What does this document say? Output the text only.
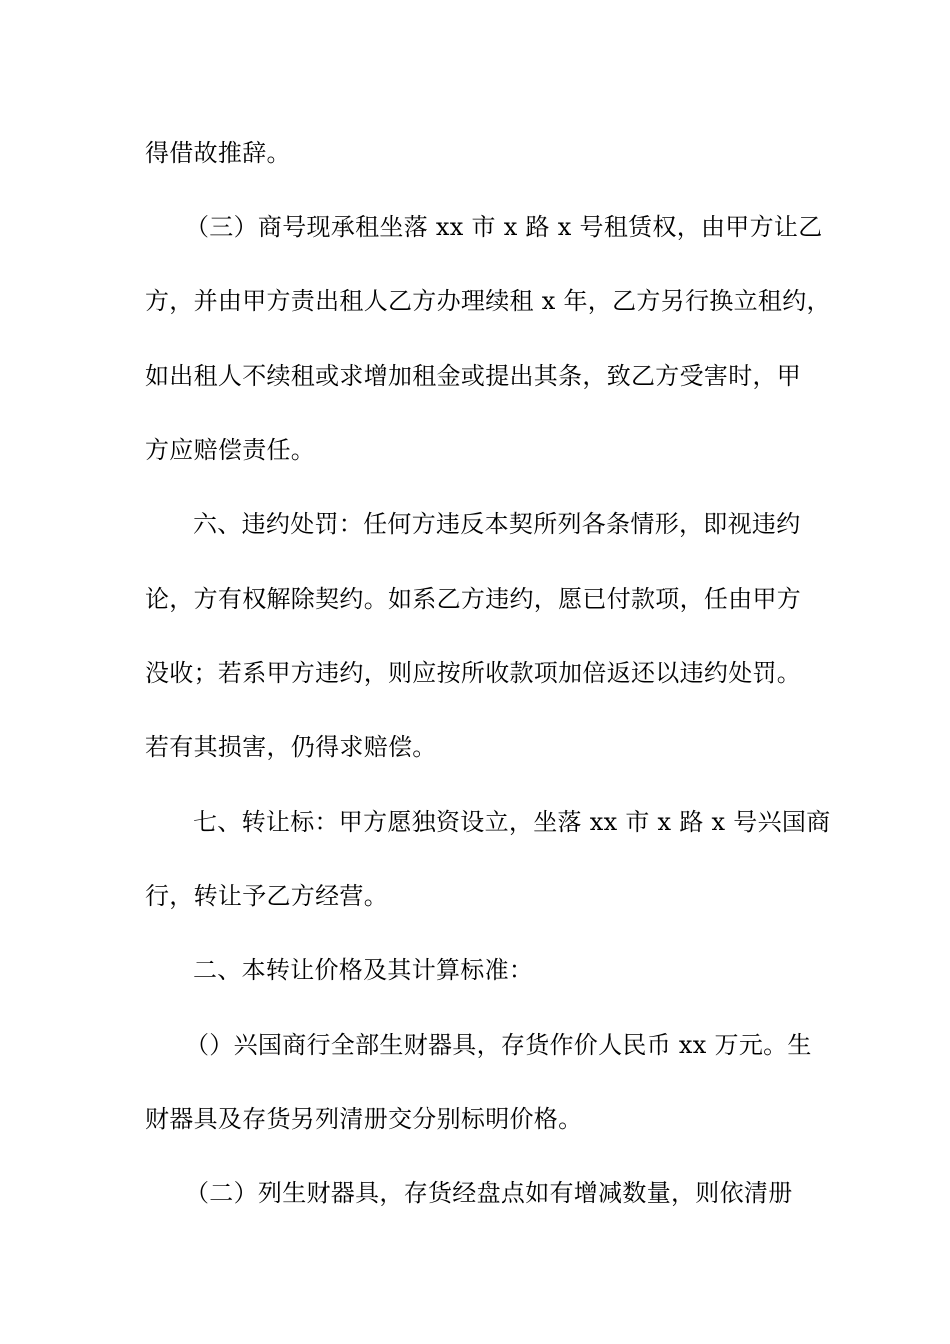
得借故推辞。
（三）商号现承租坐落 xx 市 x 路 x 号租赁权，由甲方让乙
方，并由甲方责出租人乙方办理续租 x 年，乙方另行换立租约，
如出租人不续租或求增加租金或提出其条，致乙方受害时，甲
方应赔偿责任。
六、违约处罚：任何方违反本契所列各条情形，即视违约
论，方有权解除契约。如系乙方违约，愿已付款项，任由甲方
没收；若系甲方违约，则应按所收款项加倍返还以违约处罚。
若有其损害，仍得求赔偿。
七、转让标：甲方愿独资设立，坐落 xx 市 x 路 x 号兴国商
行，转让予乙方经营。
二、本转让价格及其计算标准：
（）兴国商行全部生财器具，存货作价人民币 xx 万元。生
财器具及存货另列清册交分别标明价格。
（二）列生财器具，存货经盘点如有增减数量，则依清册
